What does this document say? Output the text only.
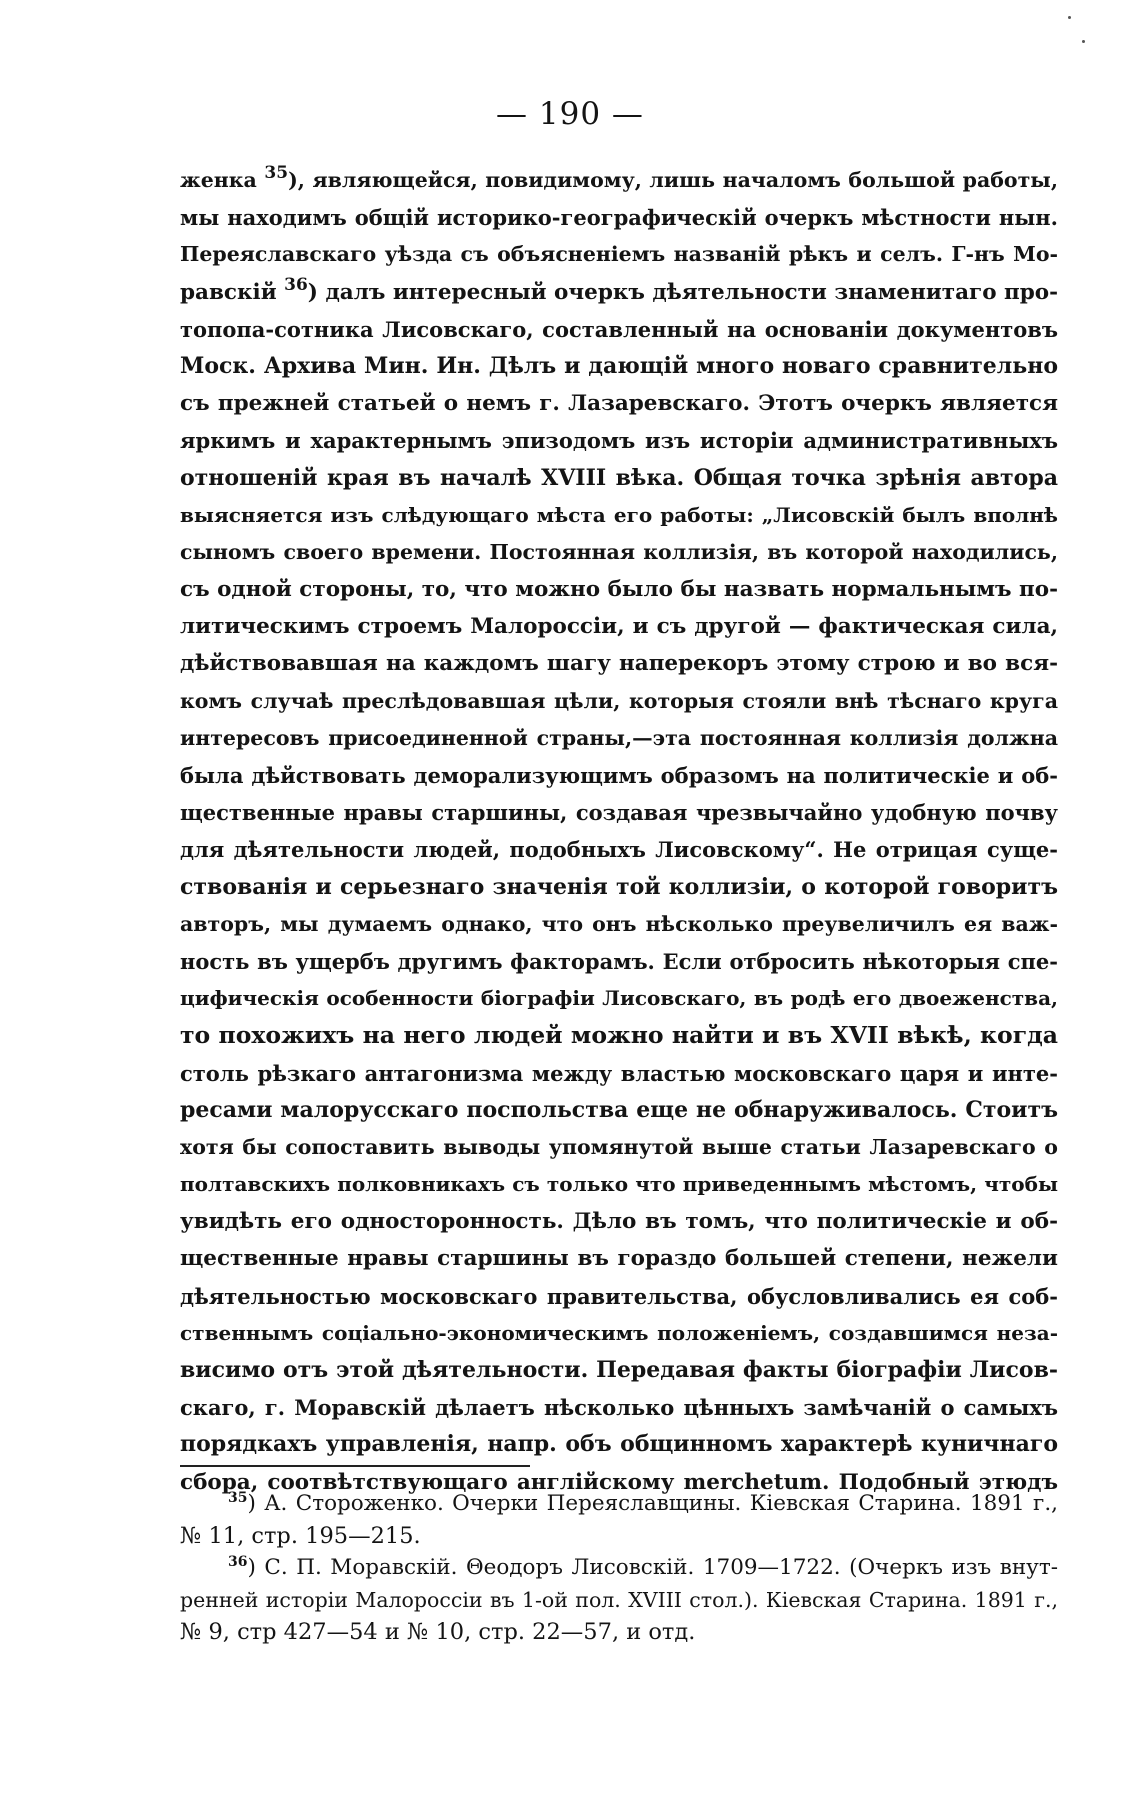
— 190 —
женка $^{35}$), являющейся, повидимому, лишь началомъ большой работы,
мы находимъ общiй историко-географическiй очеркъ мѣстности нын.
Переяславскаго уѣзда съ объясненiемъ названiй рѣкъ и селъ. Г-нъ Мо-
равскiй $^{36}$) далъ интересный очеркъ дѣятельности знаменитаго про-
топопа-сотника Лисовскаго, составленный на основанiи документовъ
Моск. Архива Мин. Ин. Дѣлъ и дающiй много новаго сравнительно
съ прежней статьей о немъ г. Лазаревскаго. Этотъ очеркъ является
яркимъ и характернымъ эпизодомъ изъ исторiи административныхъ
отношенiй края въ началѣ XVIII вѣка. Общая точка зрѣнiя автора
выясняется изъ слѣдующаго мѣста его работы: „Лисовскiй былъ вполнѣ
сыномъ своего времени. Постоянная коллизiя, въ которой находились,
съ одной стороны, то, что можно было бы назвать нормальнымъ по-
литическимъ строемъ Малороссiи, и съ другой — фактическая сила,
дѣйствовавшая на каждомъ шагу наперекоръ этому строю и во вся-
комъ случаѣ преслѣдовавшая цѣли, которыя стояли внѣ тѣснаго круга
интересовъ присоединенной страны,—эта постоянная коллизiя должна
была дѣйствовать деморализующимъ образомъ на политическiе и об-
щественные нравы старшины, создавая чрезвычайно удобную почву
для дѣятельности людей, подобныхъ Лисовскому“. Не отрицая суще-
ствованiя и серьезнаго значенiя той коллизiи, о которой говоритъ
авторъ, мы думаемъ однако, что онъ нѣсколько преувеличилъ ея важ-
ность въ ущербъ другимъ факторамъ. Если отбросить нѣкоторыя спе-
цифическiя особенности бiографiи Лисовскаго, въ родѣ его двоеженства,
то похожихъ на него людей можно найти и въ XVII вѣкѣ, когда
столь рѣзкаго антагонизма между властью московскаго царя и инте-
ресами малорусскаго поспольства еще не обнаруживалось. Стоитъ
хотя бы сопоставить выводы упомянутой выше статьи Лазаревскаго о
полтавскихъ полковникахъ съ только что приведеннымъ мѣстомъ, чтобы
увидѣть его односторонность. Дѣло въ томъ, что политическiе и об-
щественные нравы старшины въ гораздо большей степени, нежели
дѣятельностью московскаго правительства, обусловливались ея соб-
ственнымъ соцiально-экономическимъ положенiемъ, создавшимся неза-
висимо отъ этой дѣятельности. Передавая факты бiографiи Лисов-
скаго, г. Моравскiй дѣлаетъ нѣсколько цѣнныхъ замѣчанiй о самыхъ
порядкахъ управленiя, напр. объ общинномъ характерѣ куничнаго
сбора, соотвѣтствующаго англiйскому merchetum. Подобный этюдъ
$^{35}$) А. Стороженко. Очерки Переяславщины. Кiевская Старина. 1891 г.,
№ 11, стр. 195—215.
$^{36}$) С. П. Моравскiй. Θеодоръ Лисовскiй. 1709—1722. (Очеркъ изъ внут-
ренней исторiи Малороссiи въ 1-ой пол. XVIII стол.). Кiевская Старина. 1891 г.,
№ 9, стр 427—54 и № 10, стр. 22—57, и отд.
